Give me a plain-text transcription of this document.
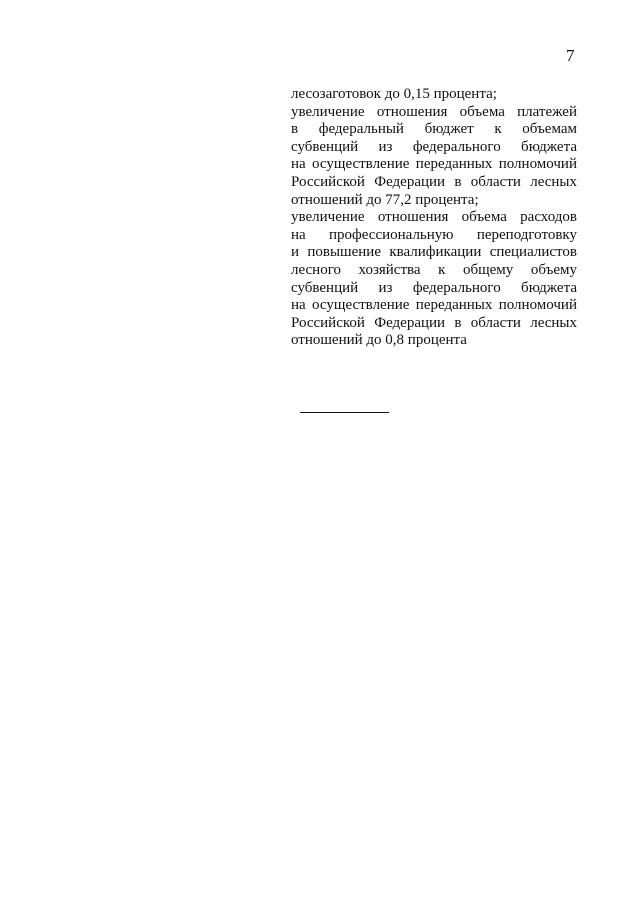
7
лесозаготовок до 0,15 процента;
увеличение отношения объема платежей
в федеральный бюджет к объемам
субвенций из федерального бюджета
на осуществление переданных полномочий
Российской Федерации в области лесных
отношений до 77,2 процента;
увеличение отношения объема расходов
на профессиональную переподготовку
и повышение квалификации специалистов
лесного хозяйства к общему объему
субвенций из федерального бюджета
на осуществление переданных полномочий
Российской Федерации в области лесных
отношений до 0,8 процента
